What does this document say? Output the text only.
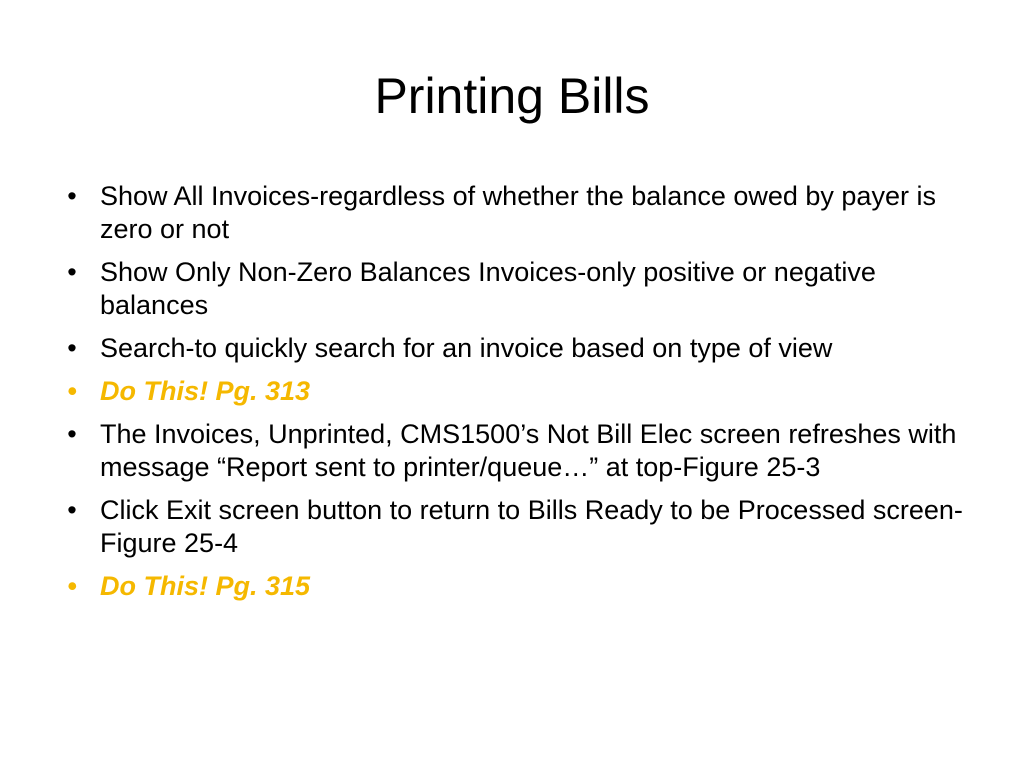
Printing Bills
• Show All Invoices-regardless of whether the balance owed by payer is zero or not
• Show Only Non-Zero Balances Invoices-only positive or negative balances
• Search-to quickly search for an invoice based on type of view
• Do This! Pg. 313
• The Invoices, Unprinted, CMS1500’s Not Bill Elec screen refreshes with message “Report sent to printer/queue…” at top-Figure 25-3
• Click Exit screen button to return to Bills Ready to be Processed screen-Figure 25-4
• Do This! Pg. 315
